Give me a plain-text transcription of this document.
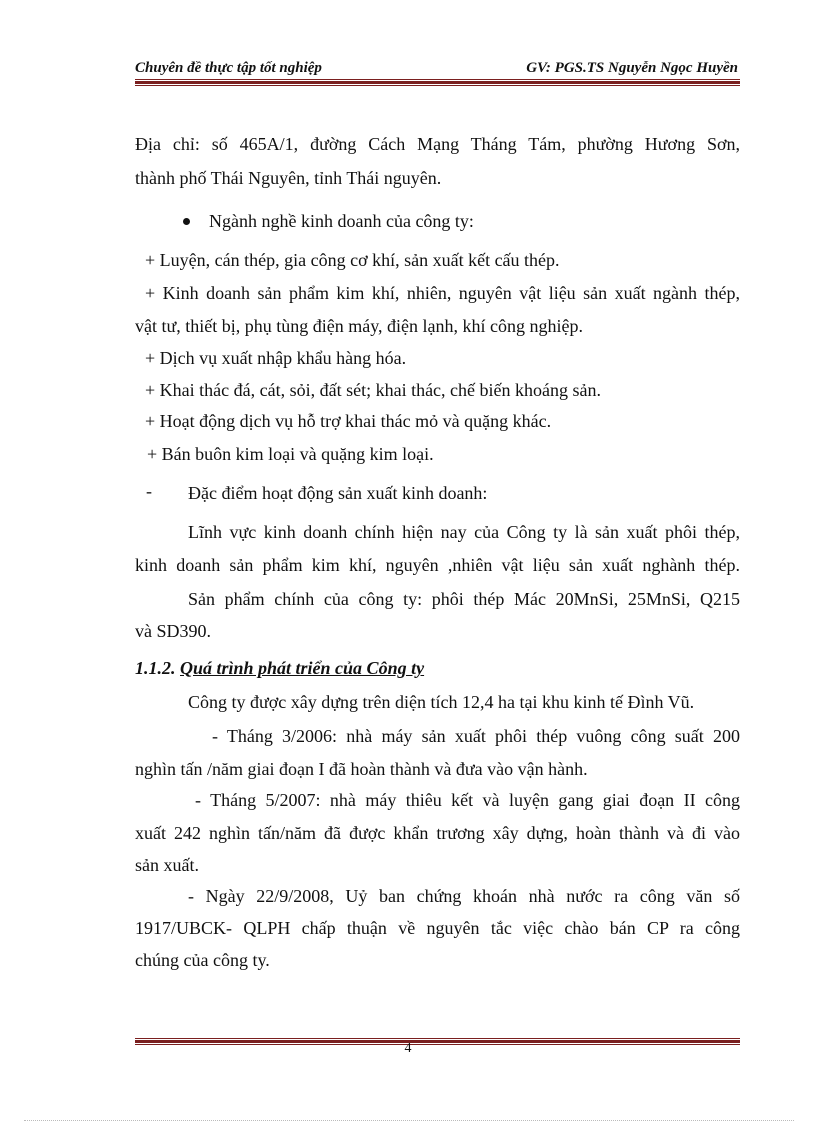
Chuyên đề thực tập tốt nghiệp	GV: PGS.TS Nguyễn Ngọc Huyền
Địa chỉ: số 465A/1, đường Cách Mạng Tháng Tám, phường Hương Sơn,
thành phố Thái Nguyên, tỉnh Thái nguyên.
Ngành nghề kinh doanh của công ty:
+ Luyện, cán thép, gia công cơ khí, sản xuất kết cấu thép.
+ Kinh doanh sản phẩm kim khí, nhiên, nguyên vật liệu sản xuất ngành thép,
vật tư, thiết bị, phụ tùng điện máy, điện lạnh, khí công nghiệp.
+ Dịch vụ xuất nhập khẩu hàng hóa.
+ Khai thác đá, cát, sỏi, đất sét; khai thác, chế biến khoáng sản.
+ Hoạt động dịch vụ hỗ trợ khai thác mỏ và quặng khác.
+ Bán buôn kim loại và quặng kim loại.
- Đặc điểm hoạt động sản xuất kinh doanh:
Lĩnh vực kinh doanh chính hiện nay của Công ty là sản xuất phôi thép,
kinh doanh sản phẩm kim khí, nguyên ,nhiên vật liệu sản xuất nghành thép.
Sản phẩm chính của công ty: phôi thép Mác 20MnSi, 25MnSi, Q215
và SD390.
1.1.2. Quá trình phát triển của Công ty
Công ty được xây dựng trên diện tích 12,4 ha tại khu kinh tế Đình Vũ.
- Tháng 3/2006: nhà máy sản xuất phôi thép vuông công suất 200
nghìn tấn /năm giai đoạn I đã hoàn thành và đưa vào vận hành.
- Tháng 5/2007: nhà máy thiêu kết và luyện gang giai đoạn II công
xuất 242 nghìn tấn/năm đã được khẩn trương xây dựng, hoàn thành và đi vào
sản xuất.
- Ngày 22/9/2008, Uỷ ban chứng khoán nhà nước ra công văn số
1917/UBCK- QLPH chấp thuận về nguyên tắc việc chào bán CP ra công
chúng của công ty.
4
